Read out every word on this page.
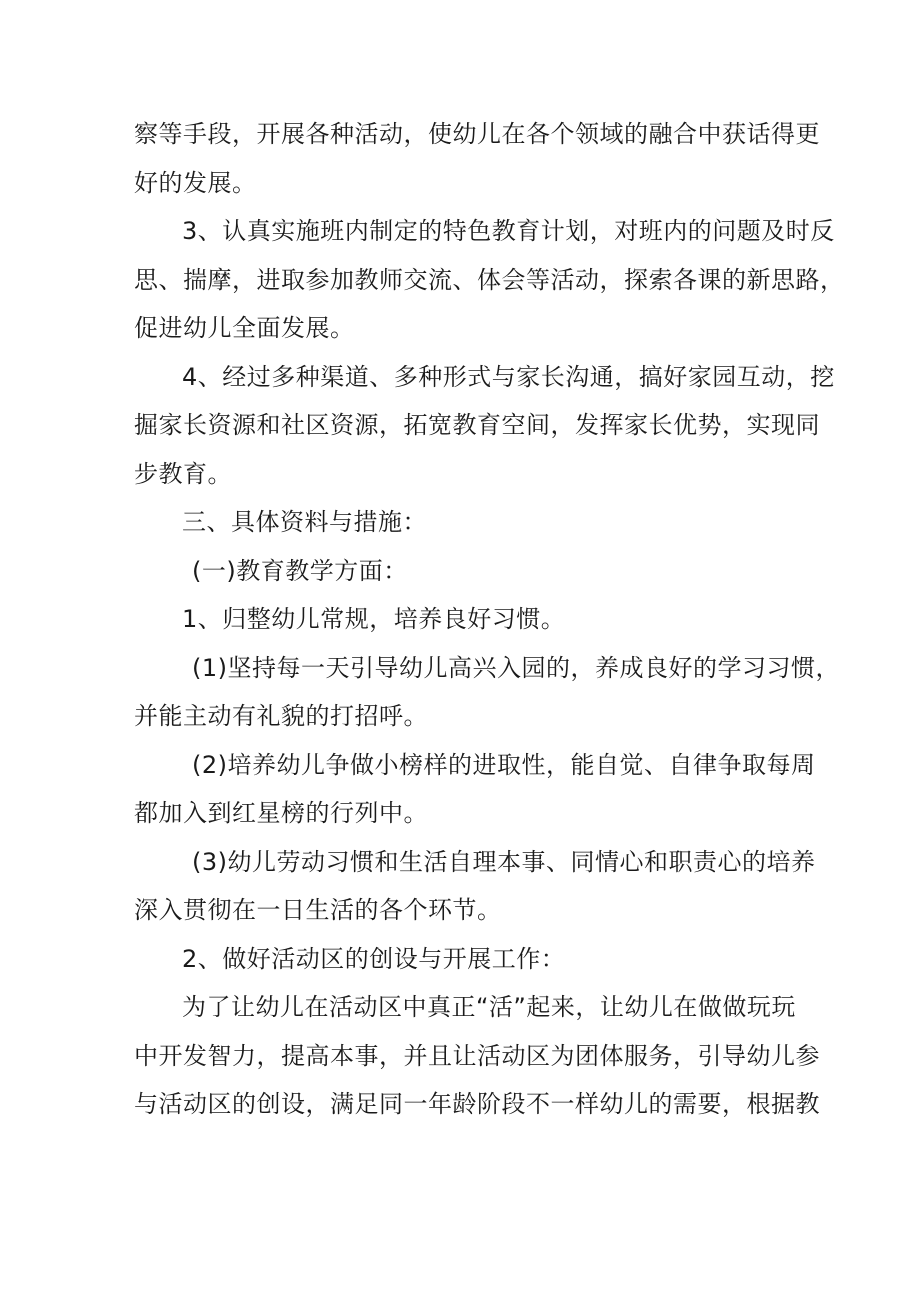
察等手段，开展各种活动，使幼儿在各个领域的融合中获话得更
好的发展。
3、认真实施班内制定的特色教育计划，对班内的问题及时反
思、揣摩，进取参加教师交流、体会等活动，探索各课的新思路，
促进幼儿全面发展。
4、经过多种渠道、多种形式与家长沟通，搞好家园互动，挖
掘家长资源和社区资源，拓宽教育空间，发挥家长优势，实现同
步教育。
三、具体资料与措施：
(一)教育教学方面：
1、归整幼儿常规，培养良好习惯。
(1)坚持每一天引导幼儿高兴入园的，养成良好的学习习惯，
并能主动有礼貌的打招呼。
(2)培养幼儿争做小榜样的进取性，能自觉、自律争取每周
都加入到红星榜的行列中。
(3)幼儿劳动习惯和生活自理本事、同情心和职责心的培养
深入贯彻在一日生活的各个环节。
2、做好活动区的创设与开展工作：
为了让幼儿在活动区中真正“活”起来，让幼儿在做做玩玩
中开发智力，提高本事，并且让活动区为团体服务，引导幼儿参
与活动区的创设，满足同一年龄阶段不一样幼儿的需要，根据教
